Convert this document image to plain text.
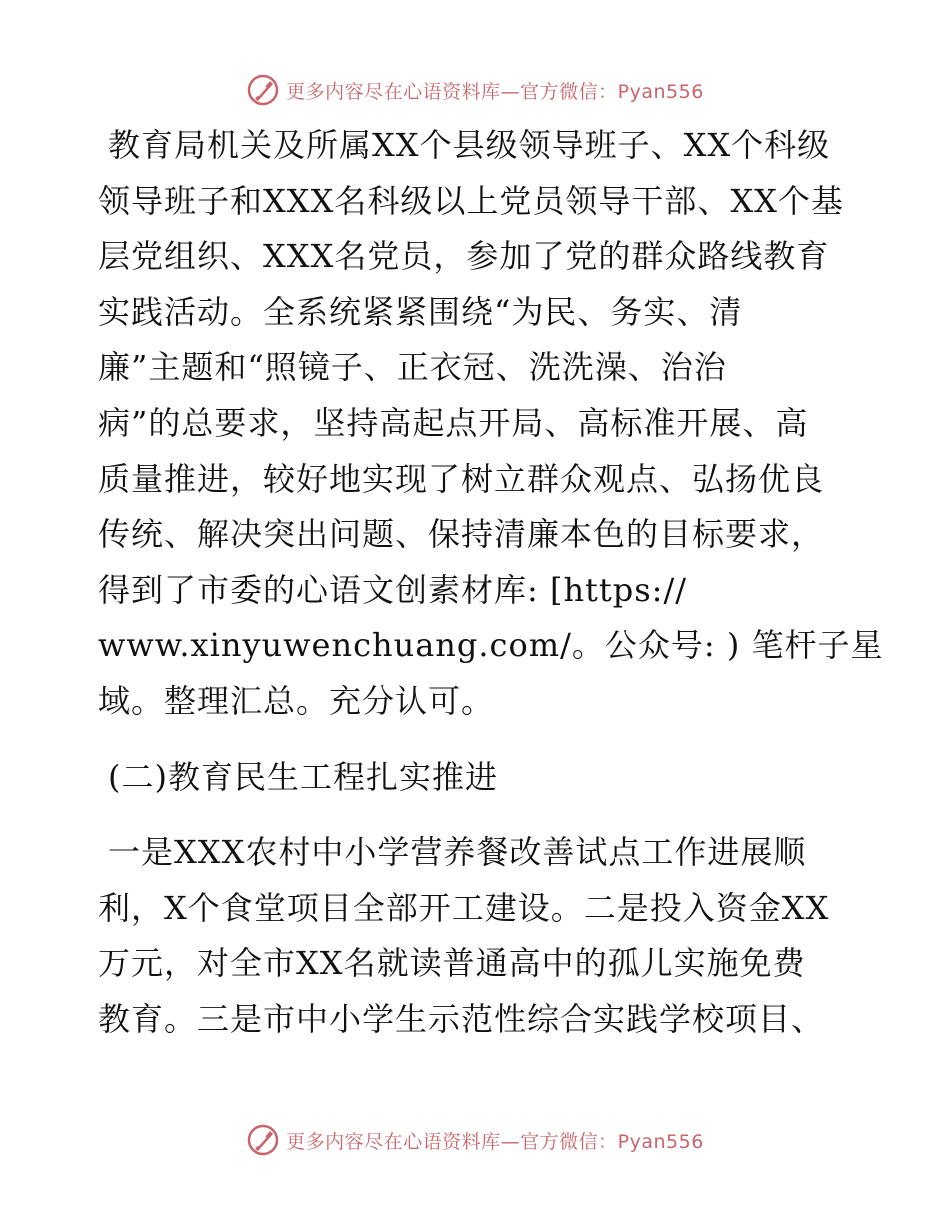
更多内容尽在心语资料库—官方微信：Pyan556
教育局机关及所属XX个县级领导班子、XX个科级
领导班子和XXX名科级以上党员领导干部、XX个基
层党组织、XXX名党员，参加了党的群众路线教育
实践活动。全系统紧紧围绕“为民、务实、清
廉”主题和“照镜子、正衣冠、洗洗澡、治治
病”的总要求，坚持高起点开局、高标准开展、高
质量推进，较好地实现了树立群众观点、弘扬优良
传统、解决突出问题、保持清廉本色的目标要求，
得到了市委的心语文创素材库: [https://
www.xinyuwenchuang.com/。公众号: ) 笔杆子星
域。整理汇总。充分认可。
(二)教育民生工程扎实推进
一是XXX农村中小学营养餐改善试点工作进展顺
利，X个食堂项目全部开工建设。二是投入资金XX
万元，对全市XX名就读普通高中的孤儿实施免费
教育。三是市中小学生示范性综合实践学校项目、
更多内容尽在心语资料库—官方微信：Pyan556
